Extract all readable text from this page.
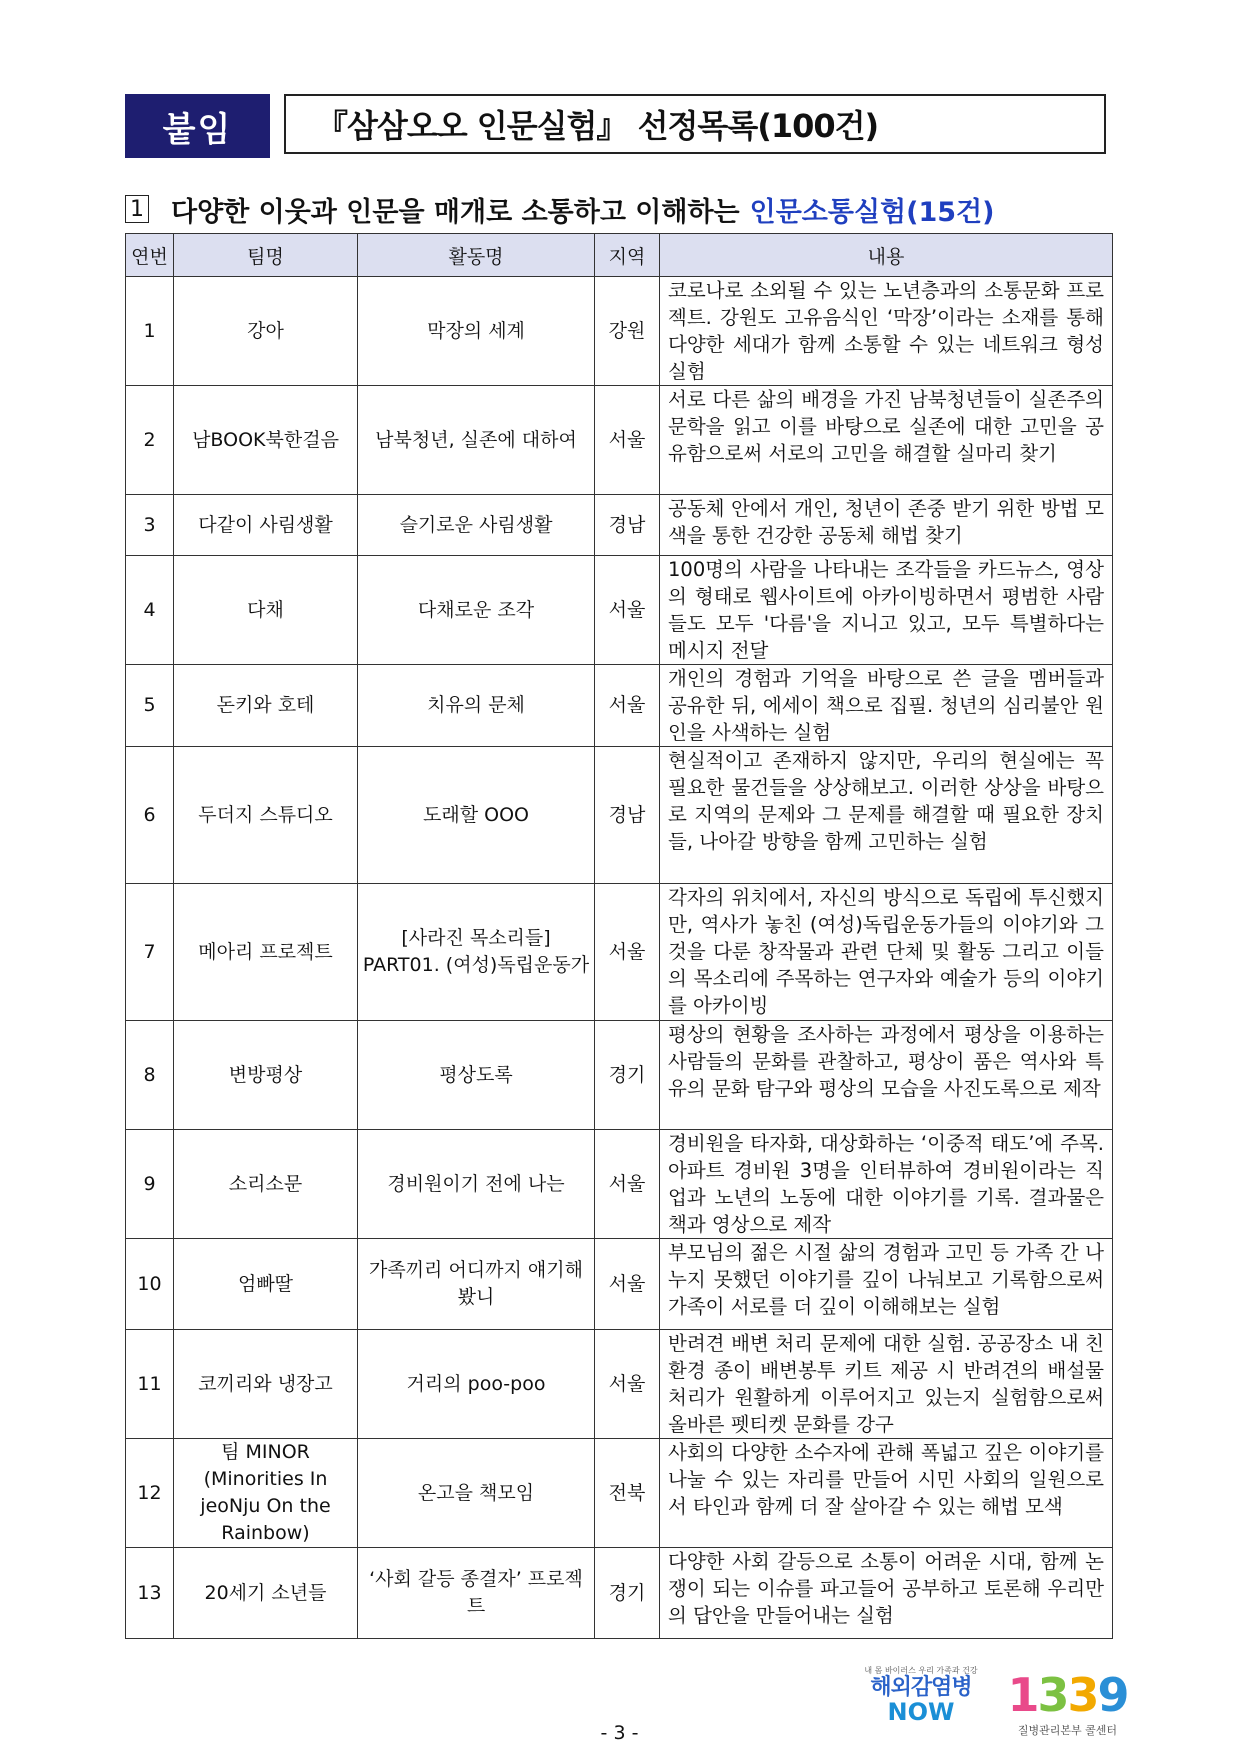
붙임	『삼삼오오 인문실험』 선정목록(100건)
1 다양한 이웃과 인문을 매개로 소통하고 이해하는 인문소통실험(15건)
연번	팀명	활동명	지역	내용
1	강아	막장의 세계	강원	코로나로 소외될 수 있는 노년층과의 소통문화 프로젝트. 강원도 고유음식인 ‘막장’이라는 소재를 통해 다양한 세대가 함께 소통할 수 있는 네트워크 형성 실험
2	남BOOK북한걸음	남북청년, 실존에 대하여	서울	서로 다른 삶의 배경을 가진 남북청년들이 실존주의 문학을 읽고 이를 바탕으로 실존에 대한 고민을 공유함으로써 서로의 고민을 해결할 실마리 찾기
3	다같이 사림생활	슬기로운 사림생활	경남	공동체 안에서 개인, 청년이 존중 받기 위한 방법 모색을 통한 건강한 공동체 해법 찾기
4	다채	다채로운 조각	서울	100명의 사람을 나타내는 조각들을 카드뉴스, 영상의 형태로 웹사이트에 아카이빙하면서 평범한 사람들도 모두 '다름'을 지니고 있고, 모두 특별하다는 메시지 전달
5	돈키와 호테	치유의 문체	서울	개인의 경험과 기억을 바탕으로 쓴 글을 멤버들과 공유한 뒤, 에세이 책으로 집필. 청년의 심리불안 원인을 사색하는 실험
6	두더지 스튜디오	도래할 OOO	경남	현실적이고 존재하지 않지만, 우리의 현실에는 꼭 필요한 물건들을 상상해보고. 이러한 상상을 바탕으로 지역의 문제와 그 문제를 해결할 때 필요한 장치들, 나아갈 방향을 함께 고민하는 실험
7	메아리 프로젝트	[사라진 목소리들] PART01. (여성)독립운동가	서울	각자의 위치에서, 자신의 방식으로 독립에 투신했지만, 역사가 놓친 (여성)독립운동가들의 이야기와 그것을 다룬 창작물과 관련 단체 및 활동 그리고 이들의 목소리에 주목하는 연구자와 예술가 등의 이야기를 아카이빙
8	변방평상	평상도록	경기	평상의 현황을 조사하는 과정에서 평상을 이용하는 사람들의 문화를 관찰하고, 평상이 품은 역사와 특유의 문화 탐구와 평상의 모습을 사진도록으로 제작
9	소리소문	경비원이기 전에 나는	서울	경비원을 타자화, 대상화하는 ‘이중적 태도’에 주목. 아파트 경비원 3명을 인터뷰하여 경비원이라는 직업과 노년의 노동에 대한 이야기를 기록. 결과물은 책과 영상으로 제작
10	엄빠딸	가족끼리 어디까지 얘기해봤니	서울	부모님의 젊은 시절 삶의 경험과 고민 등 가족 간 나누지 못했던 이야기를 깊이 나눠보고 기록함으로써 가족이 서로를 더 깊이 이해해보는 실험
11	코끼리와 냉장고	거리의 poo-poo	서울	반려견 배변 처리 문제에 대한 실험. 공공장소 내 친환경 종이 배변봉투 키트 제공 시 반려견의 배설물 처리가 원활하게 이루어지고 있는지 실험함으로써 올바른 펫티켓 문화를 강구
12	팀 MINOR (Minorities In jeoNju On the Rainbow)	온고을 책모임	전북	사회의 다양한 소수자에 관해 폭넓고 깊은 이야기를 나눌 수 있는 자리를 만들어 시민 사회의 일원으로서 타인과 함께 더 잘 살아갈 수 있는 해법 모색
13	20세기 소년들	‘사회 갈등 종결자’ 프로젝트	경기	다양한 사회 갈등으로 소통이 어려운 시대, 함께 논쟁이 되는 이슈를 파고들어 공부하고 토론해 우리만의 답안을 만들어내는 실험
- 3 -
내 몸 바이러스 우리 가족과 건강
해외감염병
NOW	1339
질병관리본부 콜센터
